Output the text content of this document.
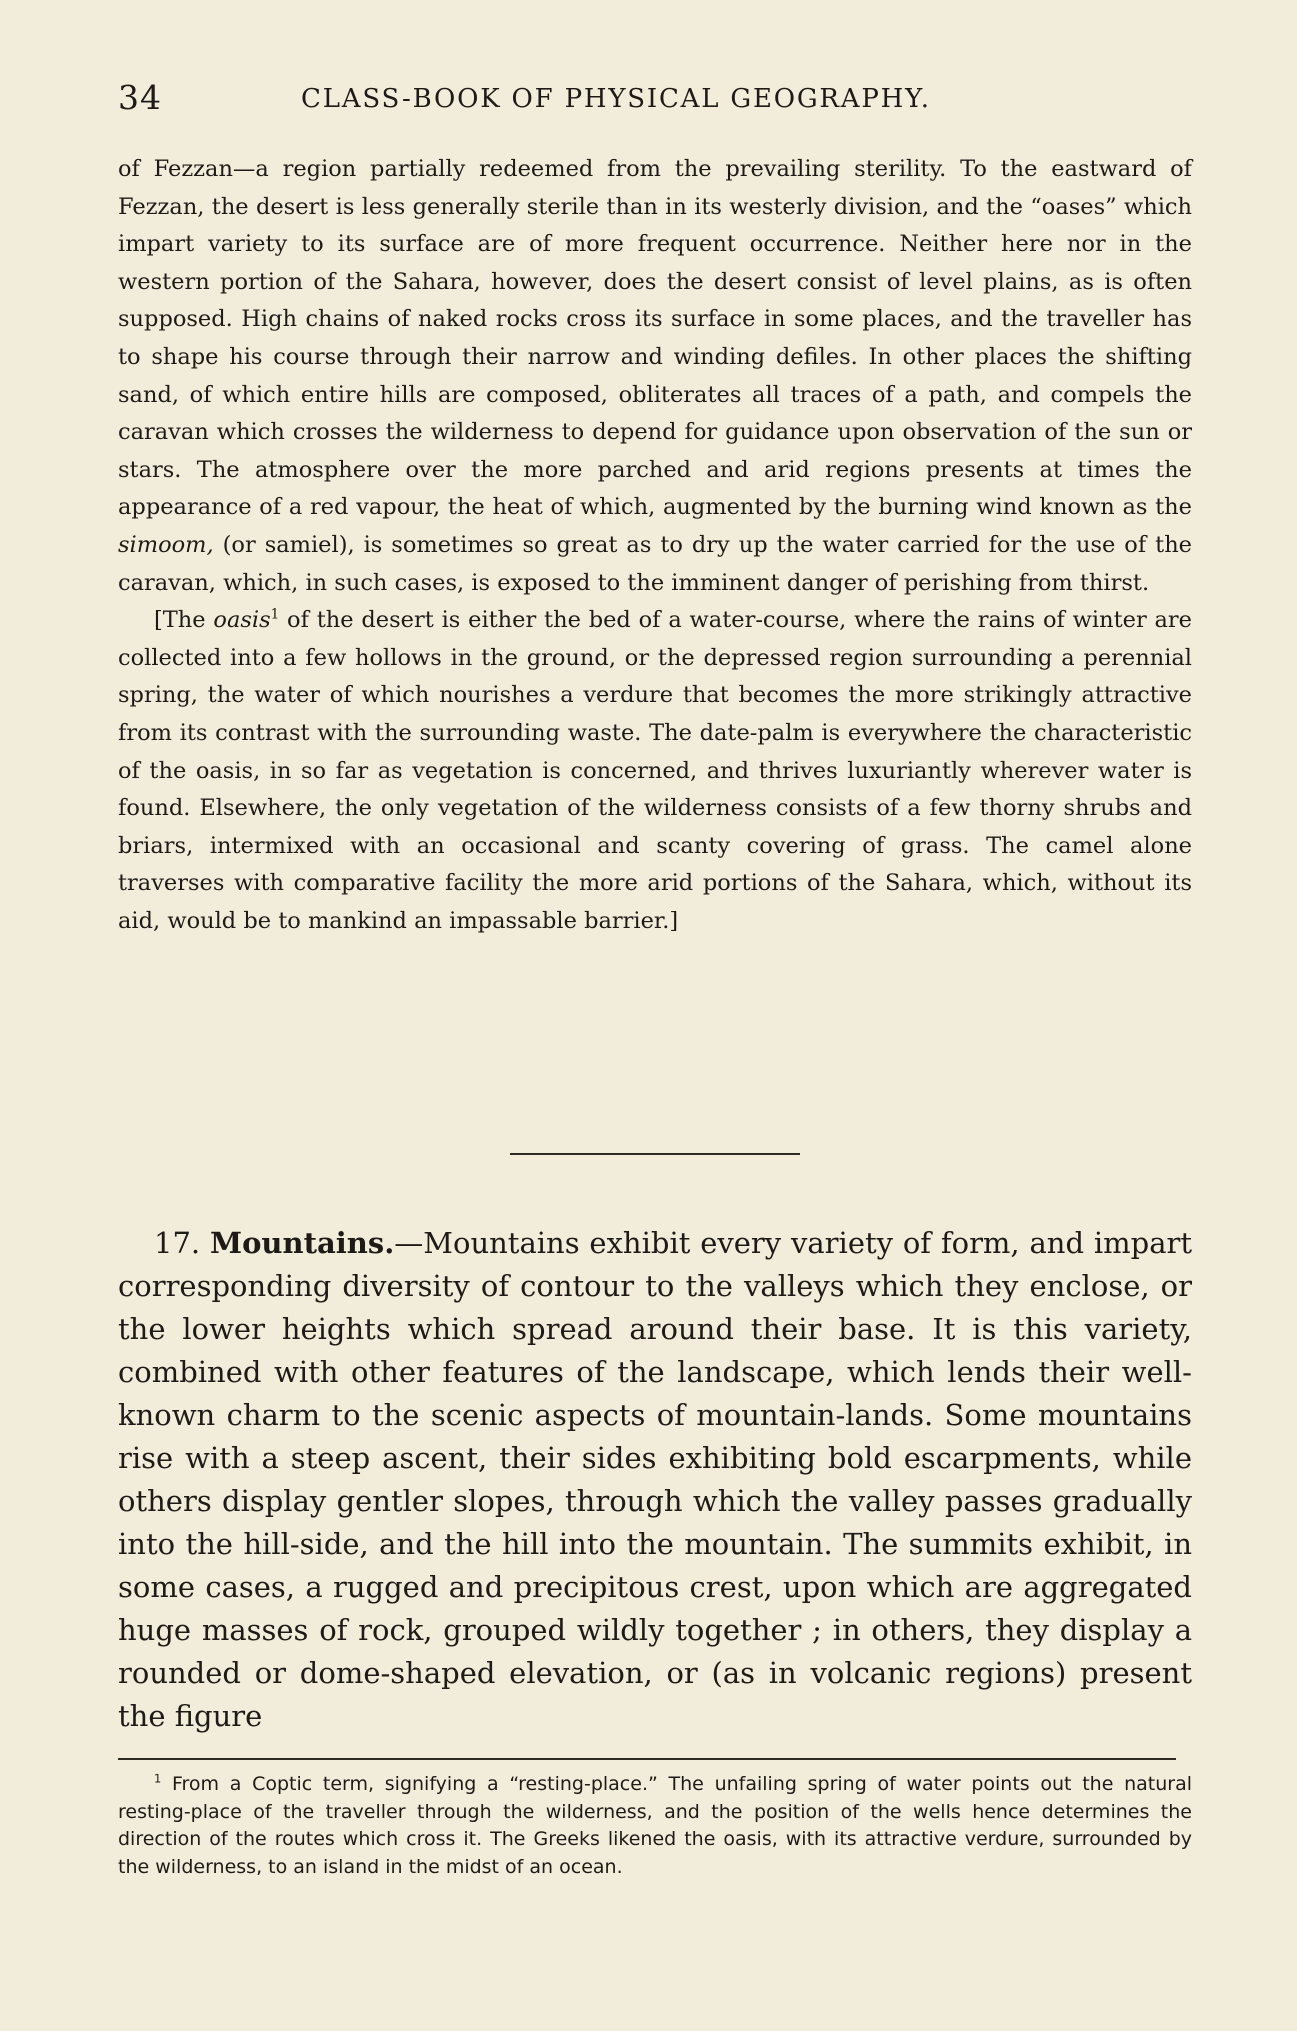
34	CLASS-BOOK OF PHYSICAL GEOGRAPHY.

of Fezzan—a region partially redeemed from the prevailing sterility. To the eastward of Fezzan, the desert is less generally sterile than in its westerly division, and the “oases” which impart variety to its surface are of more frequent occurrence. Neither here nor in the western portion of the Sahara, however, does the desert consist of level plains, as is often supposed. High chains of naked rocks cross its surface in some places, and the traveller has to shape his course through their narrow and winding defiles. In other places the shifting sand, of which entire hills are composed, obliterates all traces of a path, and compels the caravan which crosses the wilderness to depend for guidance upon observation of the sun or stars. The atmosphere over the more parched and arid regions presents at times the appearance of a red vapour, the heat of which, augmented by the burning wind known as the simoom, (or samiel), is sometimes so great as to dry up the water carried for the use of the caravan, which, in such cases, is exposed to the imminent danger of perishing from thirst.

[The oasis$^1$ of the desert is either the bed of a water-course, where the rains of winter are collected into a few hollows in the ground, or the depressed region surrounding a perennial spring, the water of which nourishes a verdure that becomes the more strikingly attractive from its contrast with the surrounding waste. The date-palm is everywhere the characteristic of the oasis, in so far as vegetation is concerned, and thrives luxuriantly wherever water is found. Elsewhere, the only vegetation of the wilderness consists of a few thorny shrubs and briars, intermixed with an occasional and scanty covering of grass. The camel alone traverses with comparative facility the more arid portions of the Sahara, which, without its aid, would be to mankind an impassable barrier.]

17. Mountains.—Mountains exhibit every variety of form, and impart corresponding diversity of contour to the valleys which they enclose, or the lower heights which spread around their base. It is this variety, combined with other features of the landscape, which lends their well-known charm to the scenic aspects of mountain-lands. Some mountains rise with a steep ascent, their sides exhibiting bold escarpments, while others display gentler slopes, through which the valley passes gradually into the hill-side, and the hill into the mountain. The summits exhibit, in some cases, a rugged and precipitous crest, upon which are aggregated huge masses of rock, grouped wildly together ; in others, they display a rounded or dome-shaped elevation, or (as in volcanic regions) present the figure

$^1$ From a Coptic term, signifying a “resting-place.” The unfailing spring of water points out the natural resting-place of the traveller through the wilderness, and the position of the wells hence determines the direction of the routes which cross it. The Greeks likened the oasis, with its attractive verdure, surrounded by the wilderness, to an island in the midst of an ocean.
